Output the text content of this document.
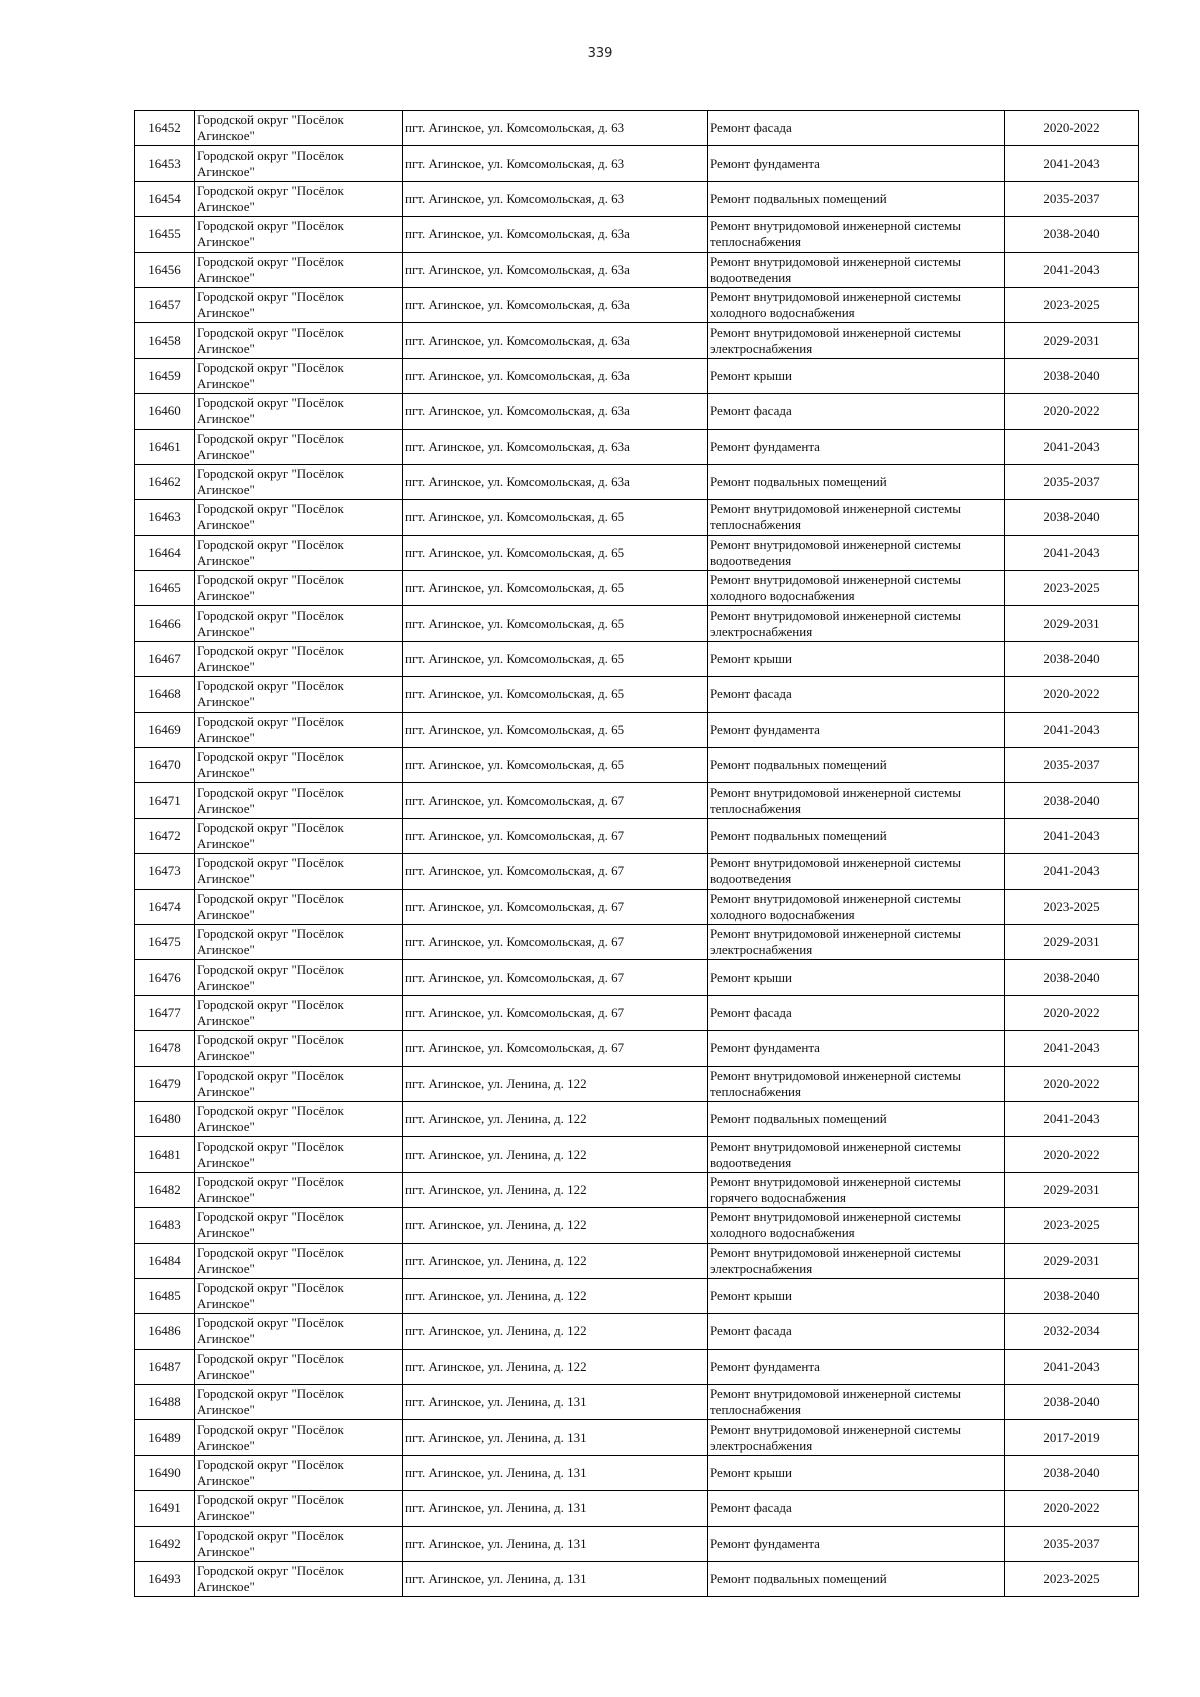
339
16452	Городской округ "Посёлок
Агинское"	пгт. Агинское, ул. Комсомольская, д. 63	Ремонт фасада	2020-2022
16453	Городской округ "Посёлок
Агинское"	пгт. Агинское, ул. Комсомольская, д. 63	Ремонт фундамента	2041-2043
16454	Городской округ "Посёлок
Агинское"	пгт. Агинское, ул. Комсомольская, д. 63	Ремонт подвальных помещений	2035-2037
16455	Городской округ "Посёлок
Агинское"	пгт. Агинское, ул. Комсомольская, д. 63а	Ремонт внутридомовой инженерной системы
теплоснабжения	2038-2040
16456	Городской округ "Посёлок
Агинское"	пгт. Агинское, ул. Комсомольская, д. 63а	Ремонт внутридомовой инженерной системы
водоотведения	2041-2043
16457	Городской округ "Посёлок
Агинское"	пгт. Агинское, ул. Комсомольская, д. 63а	Ремонт внутридомовой инженерной системы
холодного водоснабжения	2023-2025
16458	Городской округ "Посёлок
Агинское"	пгт. Агинское, ул. Комсомольская, д. 63а	Ремонт внутридомовой инженерной системы
электроснабжения	2029-2031
16459	Городской округ "Посёлок
Агинское"	пгт. Агинское, ул. Комсомольская, д. 63а	Ремонт крыши	2038-2040
16460	Городской округ "Посёлок
Агинское"	пгт. Агинское, ул. Комсомольская, д. 63а	Ремонт фасада	2020-2022
16461	Городской округ "Посёлок
Агинское"	пгт. Агинское, ул. Комсомольская, д. 63а	Ремонт фундамента	2041-2043
16462	Городской округ "Посёлок
Агинское"	пгт. Агинское, ул. Комсомольская, д. 63а	Ремонт подвальных помещений	2035-2037
16463	Городской округ "Посёлок
Агинское"	пгт. Агинское, ул. Комсомольская, д. 65	Ремонт внутридомовой инженерной системы
теплоснабжения	2038-2040
16464	Городской округ "Посёлок
Агинское"	пгт. Агинское, ул. Комсомольская, д. 65	Ремонт внутридомовой инженерной системы
водоотведения	2041-2043
16465	Городской округ "Посёлок
Агинское"	пгт. Агинское, ул. Комсомольская, д. 65	Ремонт внутридомовой инженерной системы
холодного водоснабжения	2023-2025
16466	Городской округ "Посёлок
Агинское"	пгт. Агинское, ул. Комсомольская, д. 65	Ремонт внутридомовой инженерной системы
электроснабжения	2029-2031
16467	Городской округ "Посёлок
Агинское"	пгт. Агинское, ул. Комсомольская, д. 65	Ремонт крыши	2038-2040
16468	Городской округ "Посёлок
Агинское"	пгт. Агинское, ул. Комсомольская, д. 65	Ремонт фасада	2020-2022
16469	Городской округ "Посёлок
Агинское"	пгт. Агинское, ул. Комсомольская, д. 65	Ремонт фундамента	2041-2043
16470	Городской округ "Посёлок
Агинское"	пгт. Агинское, ул. Комсомольская, д. 65	Ремонт подвальных помещений	2035-2037
16471	Городской округ "Посёлок
Агинское"	пгт. Агинское, ул. Комсомольская, д. 67	Ремонт внутридомовой инженерной системы
теплоснабжения	2038-2040
16472	Городской округ "Посёлок
Агинское"	пгт. Агинское, ул. Комсомольская, д. 67	Ремонт подвальных помещений	2041-2043
16473	Городской округ "Посёлок
Агинское"	пгт. Агинское, ул. Комсомольская, д. 67	Ремонт внутридомовой инженерной системы
водоотведения	2041-2043
16474	Городской округ "Посёлок
Агинское"	пгт. Агинское, ул. Комсомольская, д. 67	Ремонт внутридомовой инженерной системы
холодного водоснабжения	2023-2025
16475	Городской округ "Посёлок
Агинское"	пгт. Агинское, ул. Комсомольская, д. 67	Ремонт внутридомовой инженерной системы
электроснабжения	2029-2031
16476	Городской округ "Посёлок
Агинское"	пгт. Агинское, ул. Комсомольская, д. 67	Ремонт крыши	2038-2040
16477	Городской округ "Посёлок
Агинское"	пгт. Агинское, ул. Комсомольская, д. 67	Ремонт фасада	2020-2022
16478	Городской округ "Посёлок
Агинское"	пгт. Агинское, ул. Комсомольская, д. 67	Ремонт фундамента	2041-2043
16479	Городской округ "Посёлок
Агинское"	пгт. Агинское, ул. Ленина, д. 122	Ремонт внутридомовой инженерной системы
теплоснабжения	2020-2022
16480	Городской округ "Посёлок
Агинское"	пгт. Агинское, ул. Ленина, д. 122	Ремонт подвальных помещений	2041-2043
16481	Городской округ "Посёлок
Агинское"	пгт. Агинское, ул. Ленина, д. 122	Ремонт внутридомовой инженерной системы
водоотведения	2020-2022
16482	Городской округ "Посёлок
Агинское"	пгт. Агинское, ул. Ленина, д. 122	Ремонт внутридомовой инженерной системы
горячего водоснабжения	2029-2031
16483	Городской округ "Посёлок
Агинское"	пгт. Агинское, ул. Ленина, д. 122	Ремонт внутридомовой инженерной системы
холодного водоснабжения	2023-2025
16484	Городской округ "Посёлок
Агинское"	пгт. Агинское, ул. Ленина, д. 122	Ремонт внутридомовой инженерной системы
электроснабжения	2029-2031
16485	Городской округ "Посёлок
Агинское"	пгт. Агинское, ул. Ленина, д. 122	Ремонт крыши	2038-2040
16486	Городской округ "Посёлок
Агинское"	пгт. Агинское, ул. Ленина, д. 122	Ремонт фасада	2032-2034
16487	Городской округ "Посёлок
Агинское"	пгт. Агинское, ул. Ленина, д. 122	Ремонт фундамента	2041-2043
16488	Городской округ "Посёлок
Агинское"	пгт. Агинское, ул. Ленина, д. 131	Ремонт внутридомовой инженерной системы
теплоснабжения	2038-2040
16489	Городской округ "Посёлок
Агинское"	пгт. Агинское, ул. Ленина, д. 131	Ремонт внутридомовой инженерной системы
электроснабжения	2017-2019
16490	Городской округ "Посёлок
Агинское"	пгт. Агинское, ул. Ленина, д. 131	Ремонт крыши	2038-2040
16491	Городской округ "Посёлок
Агинское"	пгт. Агинское, ул. Ленина, д. 131	Ремонт фасада	2020-2022
16492	Городской округ "Посёлок
Агинское"	пгт. Агинское, ул. Ленина, д. 131	Ремонт фундамента	2035-2037
16493	Городской округ "Посёлок
Агинское"	пгт. Агинское, ул. Ленина, д. 131	Ремонт подвальных помещений	2023-2025
